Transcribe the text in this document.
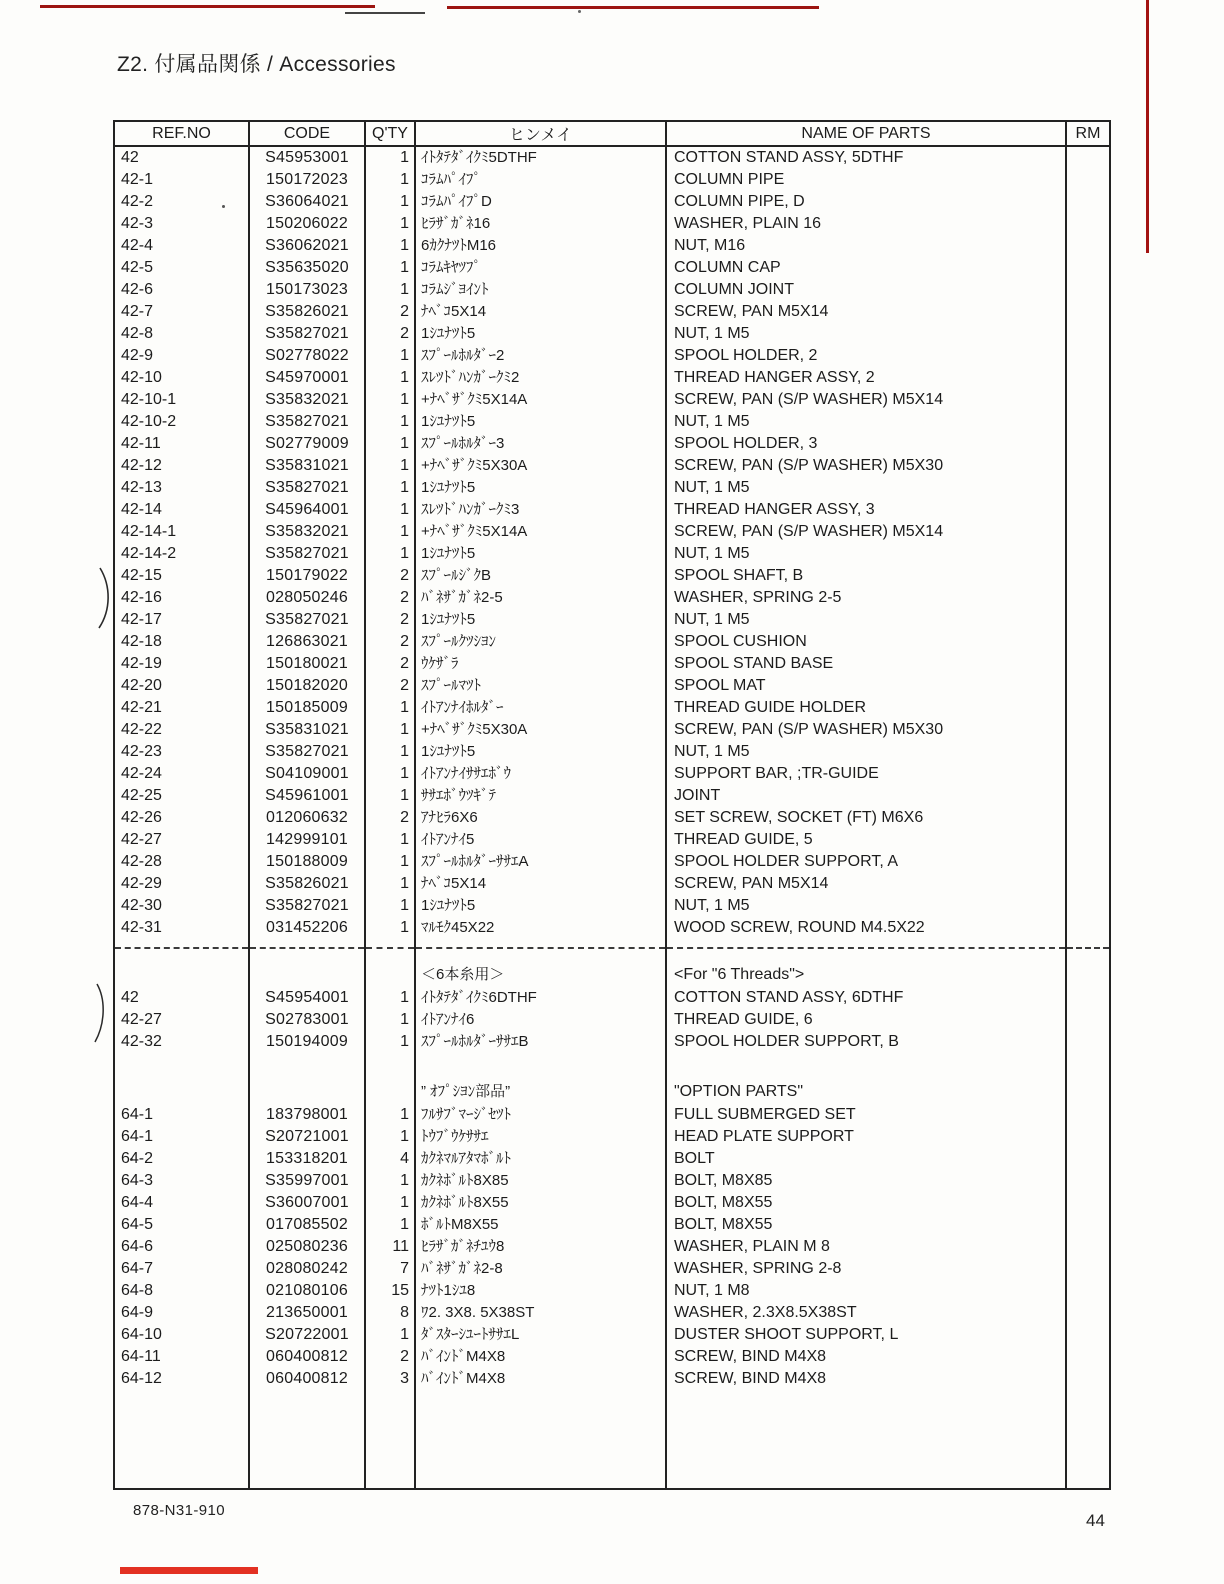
Z2. 付属品関係 / Accessories
REF.NO	CODE	Q'TY	ヒンメイ	NAME OF PARTS	RM
42	S45953001	1	ｲﾄﾀﾃﾀﾞｲｸﾐ5DTHF	COTTON STAND ASSY, 5DTHF	
42-1	150172023	1	ｺﾗﾑﾊﾟｲﾌﾟ	COLUMN PIPE	
42-2	S36064021	1	ｺﾗﾑﾊﾟｲﾌﾟD	COLUMN PIPE, D	
42-3	150206022	1	ﾋﾗｻﾞｶﾞﾈ16	WASHER, PLAIN 16	
42-4	S36062021	1	6ｶｸﾅﾂﾄM16	NUT, M16	
42-5	S35635020	1	ｺﾗﾑｷﾔﾂﾌﾟ	COLUMN CAP	
42-6	150173023	1	ｺﾗﾑｼﾞﾖｲﾝﾄ	COLUMN JOINT	
42-7	S35826021	2	ﾅﾍﾞｺ5X14	SCREW, PAN M5X14	
42-8	S35827021	2	1ｼﾕﾅﾂﾄ5	NUT, 1 M5	
42-9	S02778022	1	ｽﾌﾟｰﾙﾎﾙﾀﾞｰ2	SPOOL HOLDER, 2	
42-10	S45970001	1	ｽﾚﾂﾄﾞﾊﾝｶﾞｰｸﾐ2	THREAD HANGER ASSY, 2	
42-10-1	S35832021	1	+ﾅﾍﾞｻﾞｸﾐ5X14A	SCREW, PAN (S/P WASHER) M5X14	
42-10-2	S35827021	1	1ｼﾕﾅﾂﾄ5	NUT, 1 M5	
42-11	S02779009	1	ｽﾌﾟｰﾙﾎﾙﾀﾞｰ3	SPOOL HOLDER, 3	
42-12	S35831021	1	+ﾅﾍﾞｻﾞｸﾐ5X30A	SCREW, PAN (S/P WASHER) M5X30	
42-13	S35827021	1	1ｼﾕﾅﾂﾄ5	NUT, 1 M5	
42-14	S45964001	1	ｽﾚﾂﾄﾞﾊﾝｶﾞｰｸﾐ3	THREAD HANGER ASSY, 3	
42-14-1	S35832021	1	+ﾅﾍﾞｻﾞｸﾐ5X14A	SCREW, PAN (S/P WASHER) M5X14	
42-14-2	S35827021	1	1ｼﾕﾅﾂﾄ5	NUT, 1 M5	
42-15	150179022	2	ｽﾌﾟｰﾙｼﾞｸB	SPOOL SHAFT, B	
42-16	028050246	2	ﾊﾞﾈｻﾞｶﾞﾈ2-5	WASHER, SPRING 2-5	
42-17	S35827021	2	1ｼﾕﾅﾂﾄ5	NUT, 1 M5	
42-18	126863021	2	ｽﾌﾟｰﾙｸﾂｼﾖﾝ	SPOOL CUSHION	
42-19	150180021	2	ｳｹｻﾞﾗ	SPOOL STAND BASE	
42-20	150182020	2	ｽﾌﾟｰﾙﾏﾂﾄ	SPOOL MAT	
42-21	150185009	1	ｲﾄｱﾝﾅｲﾎﾙﾀﾞｰ	THREAD GUIDE HOLDER	
42-22	S35831021	1	+ﾅﾍﾞｻﾞｸﾐ5X30A	SCREW, PAN (S/P WASHER) M5X30	
42-23	S35827021	1	1ｼﾕﾅﾂﾄ5	NUT, 1 M5	
42-24	S04109001	1	ｲﾄｱﾝﾅｲｻｻｴﾎﾞｳ	SUPPORT BAR, ;TR-GUIDE	
42-25	S45961001	1	ｻｻｴﾎﾞｳﾂｷﾞﾃ	JOINT	
42-26	012060632	2	ｱﾅﾋﾗ6X6	SET SCREW, SOCKET (FT) M6X6	
42-27	142999101	1	ｲﾄｱﾝﾅｲ5	THREAD GUIDE, 5	
42-28	150188009	1	ｽﾌﾟｰﾙﾎﾙﾀﾞｰｻｻｴA	SPOOL HOLDER SUPPORT, A	
42-29	S35826021	1	ﾅﾍﾞｺ5X14	SCREW, PAN M5X14	
42-30	S35827021	1	1ｼﾕﾅﾂﾄ5	NUT, 1 M5	
42-31	031452206	1	ﾏﾙﾓｸ45X22	WOOD SCREW, ROUND M4.5X22	

			＜6本糸用＞	<For "6 Threads">	
42	S45954001	1	ｲﾄﾀﾃﾀﾞｲｸﾐ6DTHF	COTTON STAND ASSY, 6DTHF	
42-27	S02783001	1	ｲﾄｱﾝﾅｲ6	THREAD GUIDE, 6	
42-32	150194009	1	ｽﾌﾟｰﾙﾎﾙﾀﾞｰｻｻｴB	SPOOL HOLDER SUPPORT, B	

			” ｵﾌﾟｼﾖﾝ部品”	"OPTION PARTS"	
64-1	183798001	1	ﾌﾙｻﾌﾞﾏｰｼﾞｾﾂﾄ	FULL SUBMERGED SET	
64-1	S20721001	1	ﾄｳﾌﾞｳｹｻｻｴ	HEAD PLATE SUPPORT	
64-2	153318201	4	ｶｸﾈﾏﾙｱﾀﾏﾎﾞﾙﾄ	BOLT	
64-3	S35997001	1	ｶｸﾈﾎﾞﾙﾄ8X85	BOLT, M8X85	
64-4	S36007001	1	ｶｸﾈﾎﾞﾙﾄ8X55	BOLT, M8X55	
64-5	017085502	1	ﾎﾞﾙﾄM8X55	BOLT, M8X55	
64-6	025080236	11	ﾋﾗｻﾞｶﾞﾈﾁﾕｳ8	WASHER, PLAIN M 8	
64-7	028080242	7	ﾊﾞﾈｻﾞｶﾞﾈ2-8	WASHER, SPRING 2-8	
64-8	021080106	15	ﾅﾂﾄ1ｼﾕ8	NUT, 1 M8	
64-9	213650001	8	ﾜ2. 3X8. 5X38ST	WASHER, 2.3X8.5X38ST	
64-10	S20722001	1	ﾀﾞｽﾀｰｼﾕｰﾄｻｻｴL	DUSTER SHOOT SUPPORT, L	
64-11	060400812	2	ﾊﾞｲﾝﾄﾞM4X8	SCREW, BIND M4X8	
64-12	060400812	3	ﾊﾞｲﾝﾄﾞM4X8	SCREW, BIND M4X8	

878-N31-910
44
